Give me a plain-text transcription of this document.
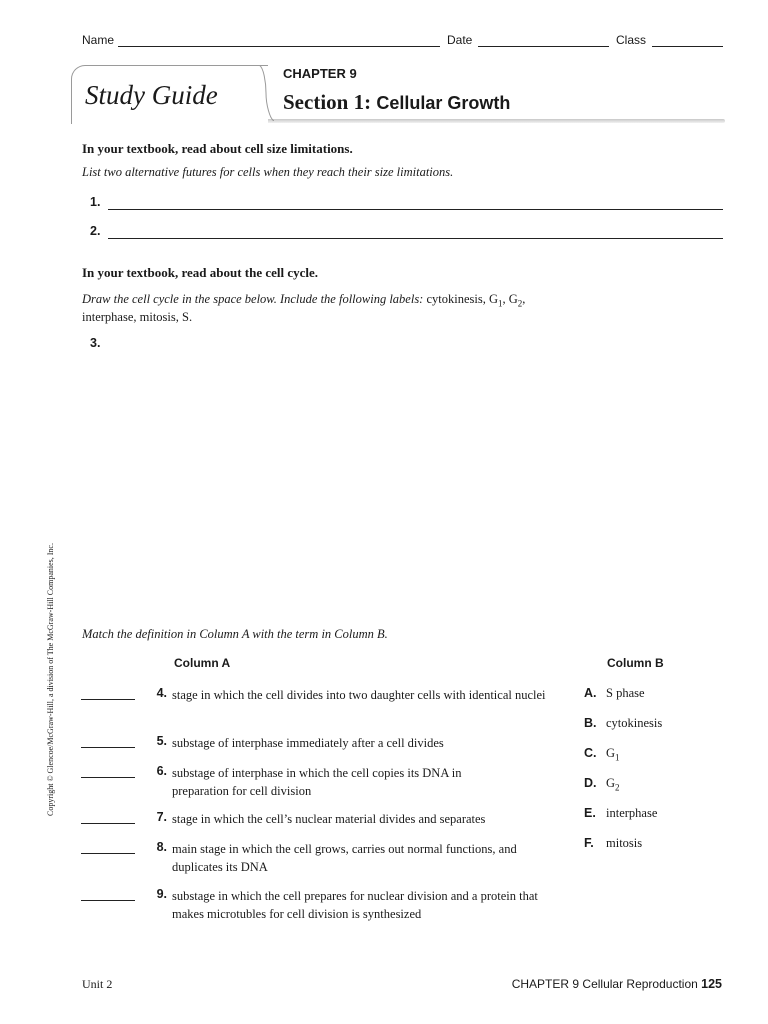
Name	Date	Class
Study Guide
CHAPTER 9
Section 1: Cellular Growth
In your textbook, read about cell size limitations.
List two alternative futures for cells when they reach their size limitations.
1.
2.
In your textbook, read about the cell cycle.
Draw the cell cycle in the space below. Include the following labels: cytokinesis, $G_1$, $G_2$,
interphase, mitosis, S.
3.
Copyright © Glencoe/McGraw-Hill, a division of The McGraw-Hill Companies, Inc. Match the definition in Column A with the term in Column B.
Column A	Column B
4. stage in which the cell divides into two daughter cells with identical nuclei
5. substage of interphase immediately after a cell divides
6. substage of interphase in which the cell copies its DNA in preparation for cell division
7. stage in which the cell’s nuclear material divides and separates
8. main stage in which the cell grows, carries out normal functions, and duplicates its DNA
9. substage in which the cell prepares for nuclear division and a protein that makes microtubles for cell division is synthesized
A. S phase
B. cytokinesis
C. $G_1$
D. $G_2$
E. interphase
F. mitosis
Unit 2	CHAPTER 9 Cellular Reproduction 125
